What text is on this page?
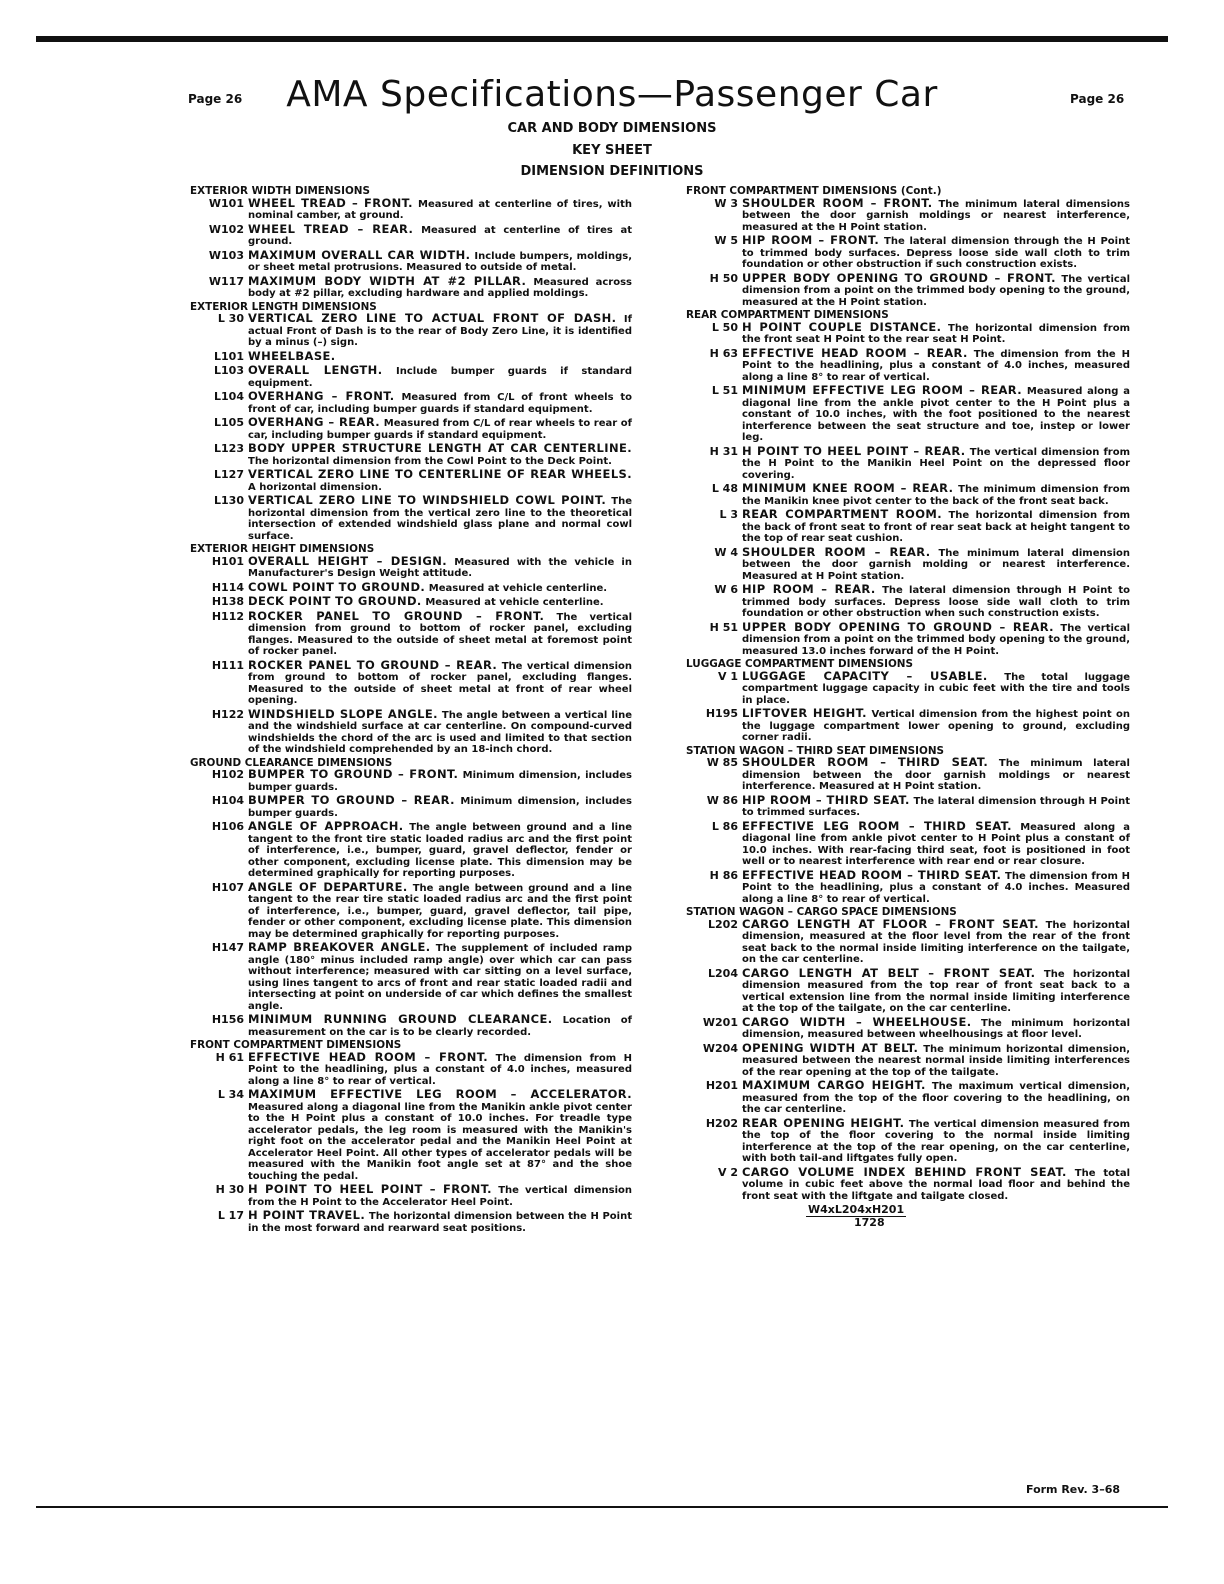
Page 26	AMA Specifications—Passenger Car	Page 26
CAR AND BODY DIMENSIONS
KEY SHEET
DIMENSION DEFINITIONS
EXTERIOR WIDTH DIMENSIONS
W101 WHEEL TREAD – FRONT. Measured at centerline of tires, with nominal camber, at ground.
W102 WHEEL TREAD – REAR. Measured at centerline of tires at ground.
W103 MAXIMUM OVERALL CAR WIDTH. Include bumpers, moldings, or sheet metal protrusions. Measured to outside of metal.
W117 MAXIMUM BODY WIDTH AT #2 PILLAR. Measured across body at #2 pillar, excluding hardware and applied moldings.
EXTERIOR LENGTH DIMENSIONS
L 30 VERTICAL ZERO LINE TO ACTUAL FRONT OF DASH. If actual Front of Dash is to the rear of Body Zero Line, it is identified by a minus (–) sign.
L101 WHEELBASE.
L103 OVERALL LENGTH. Include bumper guards if standard equipment.
L104 OVERHANG – FRONT. Measured from C/L of front wheels to front of car, including bumper guards if standard equipment.
L105 OVERHANG – REAR. Measured from C/L of rear wheels to rear of car, including bumper guards if standard equipment.
L123 BODY UPPER STRUCTURE LENGTH AT CAR CENTERLINE. The horizontal dimension from the Cowl Point to the Deck Point.
L127 VERTICAL ZERO LINE TO CENTERLINE OF REAR WHEELS. A horizontal dimension.
L130 VERTICAL ZERO LINE TO WINDSHIELD COWL POINT. The horizontal dimension from the vertical zero line to the theoretical intersection of extended windshield glass plane and normal cowl surface.
EXTERIOR HEIGHT DIMENSIONS
H101 OVERALL HEIGHT – DESIGN. Measured with the vehicle in Manufacturer's Design Weight attitude.
H114 COWL POINT TO GROUND. Measured at vehicle centerline.
H138 DECK POINT TO GROUND. Measured at vehicle centerline.
H112 ROCKER PANEL TO GROUND – FRONT. The vertical dimension from ground to bottom of rocker panel, excluding flanges. Measured to the outside of sheet metal at foremost point of rocker panel.
H111 ROCKER PANEL TO GROUND – REAR. The vertical dimension from ground to bottom of rocker panel, excluding flanges. Measured to the outside of sheet metal at front of rear wheel opening.
H122 WINDSHIELD SLOPE ANGLE. The angle between a vertical line and the windshield surface at car centerline. On compound-curved windshields the chord of the arc is used and limited to that section of the windshield comprehended by an 18-inch chord.
GROUND CLEARANCE DIMENSIONS
H102 BUMPER TO GROUND – FRONT. Minimum dimension, includes bumper guards.
H104 BUMPER TO GROUND – REAR. Minimum dimension, includes bumper guards.
H106 ANGLE OF APPROACH. The angle between ground and a line tangent to the front tire static loaded radius arc and the first point of interference, i.e., bumper, guard, gravel deflector, fender or other component, excluding license plate. This dimension may be determined graphically for reporting purposes.
H107 ANGLE OF DEPARTURE. The angle between ground and a line tangent to the rear tire static loaded radius arc and the first point of interference, i.e., bumper, guard, gravel deflector, tail pipe, fender or other component, excluding license plate. This dimension may be determined graphically for reporting purposes.
H147 RAMP BREAKOVER ANGLE. The supplement of included ramp angle (180° minus included ramp angle) over which car can pass without interference; measured with car sitting on a level surface, using lines tangent to arcs of front and rear static loaded radii and intersecting at point on underside of car which defines the smallest angle.
H156 MINIMUM RUNNING GROUND CLEARANCE. Location of measurement on the car is to be clearly recorded.
FRONT COMPARTMENT DIMENSIONS
H 61 EFFECTIVE HEAD ROOM – FRONT. The dimension from H Point to the headlining, plus a constant of 4.0 inches, measured along a line 8° to rear of vertical.
L 34 MAXIMUM EFFECTIVE LEG ROOM – ACCELERATOR. Measured along a diagonal line from the Manikin ankle pivot center to the H Point plus a constant of 10.0 inches. For treadle type accelerator pedals, the leg room is measured with the Manikin's right foot on the accelerator pedal and the Manikin Heel Point at Accelerator Heel Point. All other types of accelerator pedals will be measured with the Manikin foot angle set at 87° and the shoe touching the pedal.
H 30 H POINT TO HEEL POINT – FRONT. The vertical dimension from the H Point to the Accelerator Heel Point.
L 17 H POINT TRAVEL. The horizontal dimension between the H Point in the most forward and rearward seat positions.
FRONT COMPARTMENT DIMENSIONS (Cont.)
W 3 SHOULDER ROOM – FRONT. The minimum lateral dimensions between the door garnish moldings or nearest interference, measured at the H Point station.
W 5 HIP ROOM – FRONT. The lateral dimension through the H Point to trimmed body surfaces. Depress loose side wall cloth to trim foundation or other obstruction if such construction exists.
H 50 UPPER BODY OPENING TO GROUND – FRONT. The vertical dimension from a point on the trimmed body opening to the ground, measured at the H Point station.
REAR COMPARTMENT DIMENSIONS
L 50 H POINT COUPLE DISTANCE. The horizontal dimension from the front seat H Point to the rear seat H Point.
H 63 EFFECTIVE HEAD ROOM – REAR. The dimension from the H Point to the headlining, plus a constant of 4.0 inches, measured along a line 8° to rear of vertical.
L 51 MINIMUM EFFECTIVE LEG ROOM – REAR. Measured along a diagonal line from the ankle pivot center to the H Point plus a constant of 10.0 inches, with the foot positioned to the nearest interference between the seat structure and toe, instep or lower leg.
H 31 H POINT TO HEEL POINT – REAR. The vertical dimension from the H Point to the Manikin Heel Point on the depressed floor covering.
L 48 MINIMUM KNEE ROOM – REAR. The minimum dimension from the Manikin knee pivot center to the back of the front seat back.
L 3 REAR COMPARTMENT ROOM. The horizontal dimension from the back of front seat to front of rear seat back at height tangent to the top of rear seat cushion.
W 4 SHOULDER ROOM – REAR. The minimum lateral dimension between the door garnish molding or nearest interference. Measured at H Point station.
W 6 HIP ROOM – REAR. The lateral dimension through H Point to trimmed body surfaces. Depress loose side wall cloth to trim foundation or other obstruction when such construction exists.
H 51 UPPER BODY OPENING TO GROUND – REAR. The vertical dimension from a point on the trimmed body opening to the ground, measured 13.0 inches forward of the H Point.
LUGGAGE COMPARTMENT DIMENSIONS
V 1 LUGGAGE CAPACITY – USABLE. The total luggage compartment luggage capacity in cubic feet with the tire and tools in place.
H195 LIFTOVER HEIGHT. Vertical dimension from the highest point on the luggage compartment lower opening to ground, excluding corner radii.
STATION WAGON – THIRD SEAT DIMENSIONS
W 85 SHOULDER ROOM – THIRD SEAT. The minimum lateral dimension between the door garnish moldings or nearest interference. Measured at H Point station.
W 86 HIP ROOM – THIRD SEAT. The lateral dimension through H Point to trimmed surfaces.
L 86 EFFECTIVE LEG ROOM – THIRD SEAT. Measured along a diagonal line from ankle pivot center to H Point plus a constant of 10.0 inches. With rear-facing third seat, foot is positioned in foot well or to nearest interference with rear end or rear closure.
H 86 EFFECTIVE HEAD ROOM – THIRD SEAT. The dimension from H Point to the headlining, plus a constant of 4.0 inches. Measured along a line 8° to rear of vertical.
STATION WAGON – CARGO SPACE DIMENSIONS
L202 CARGO LENGTH AT FLOOR – FRONT SEAT. The horizontal dimension, measured at the floor level from the rear of the front seat back to the normal inside limiting interference on the tailgate, on the car centerline.
L204 CARGO LENGTH AT BELT – FRONT SEAT. The horizontal dimension measured from the top rear of front seat back to a vertical extension line from the normal inside limiting interference at the top of the tailgate, on the car centerline.
W201 CARGO WIDTH – WHEELHOUSE. The minimum horizontal dimension, measured between wheelhousings at floor level.
W204 OPENING WIDTH AT BELT. The minimum horizontal dimension, measured between the nearest normal inside limiting interferences of the rear opening at the top of the tailgate.
H201 MAXIMUM CARGO HEIGHT. The maximum vertical dimension, measured from the top of the floor covering to the headlining, on the car centerline.
H202 REAR OPENING HEIGHT. The vertical dimension measured from the top of the floor covering to the normal inside limiting interference at the top of the rear opening, on the car centerline, with both tail-and liftgates fully open.
V 2 CARGO VOLUME INDEX BEHIND FRONT SEAT. The total volume in cubic feet above the normal load floor and behind the front seat with the liftgate and tailgate closed.
W4xL204xH201
1728
Form Rev. 3–68
